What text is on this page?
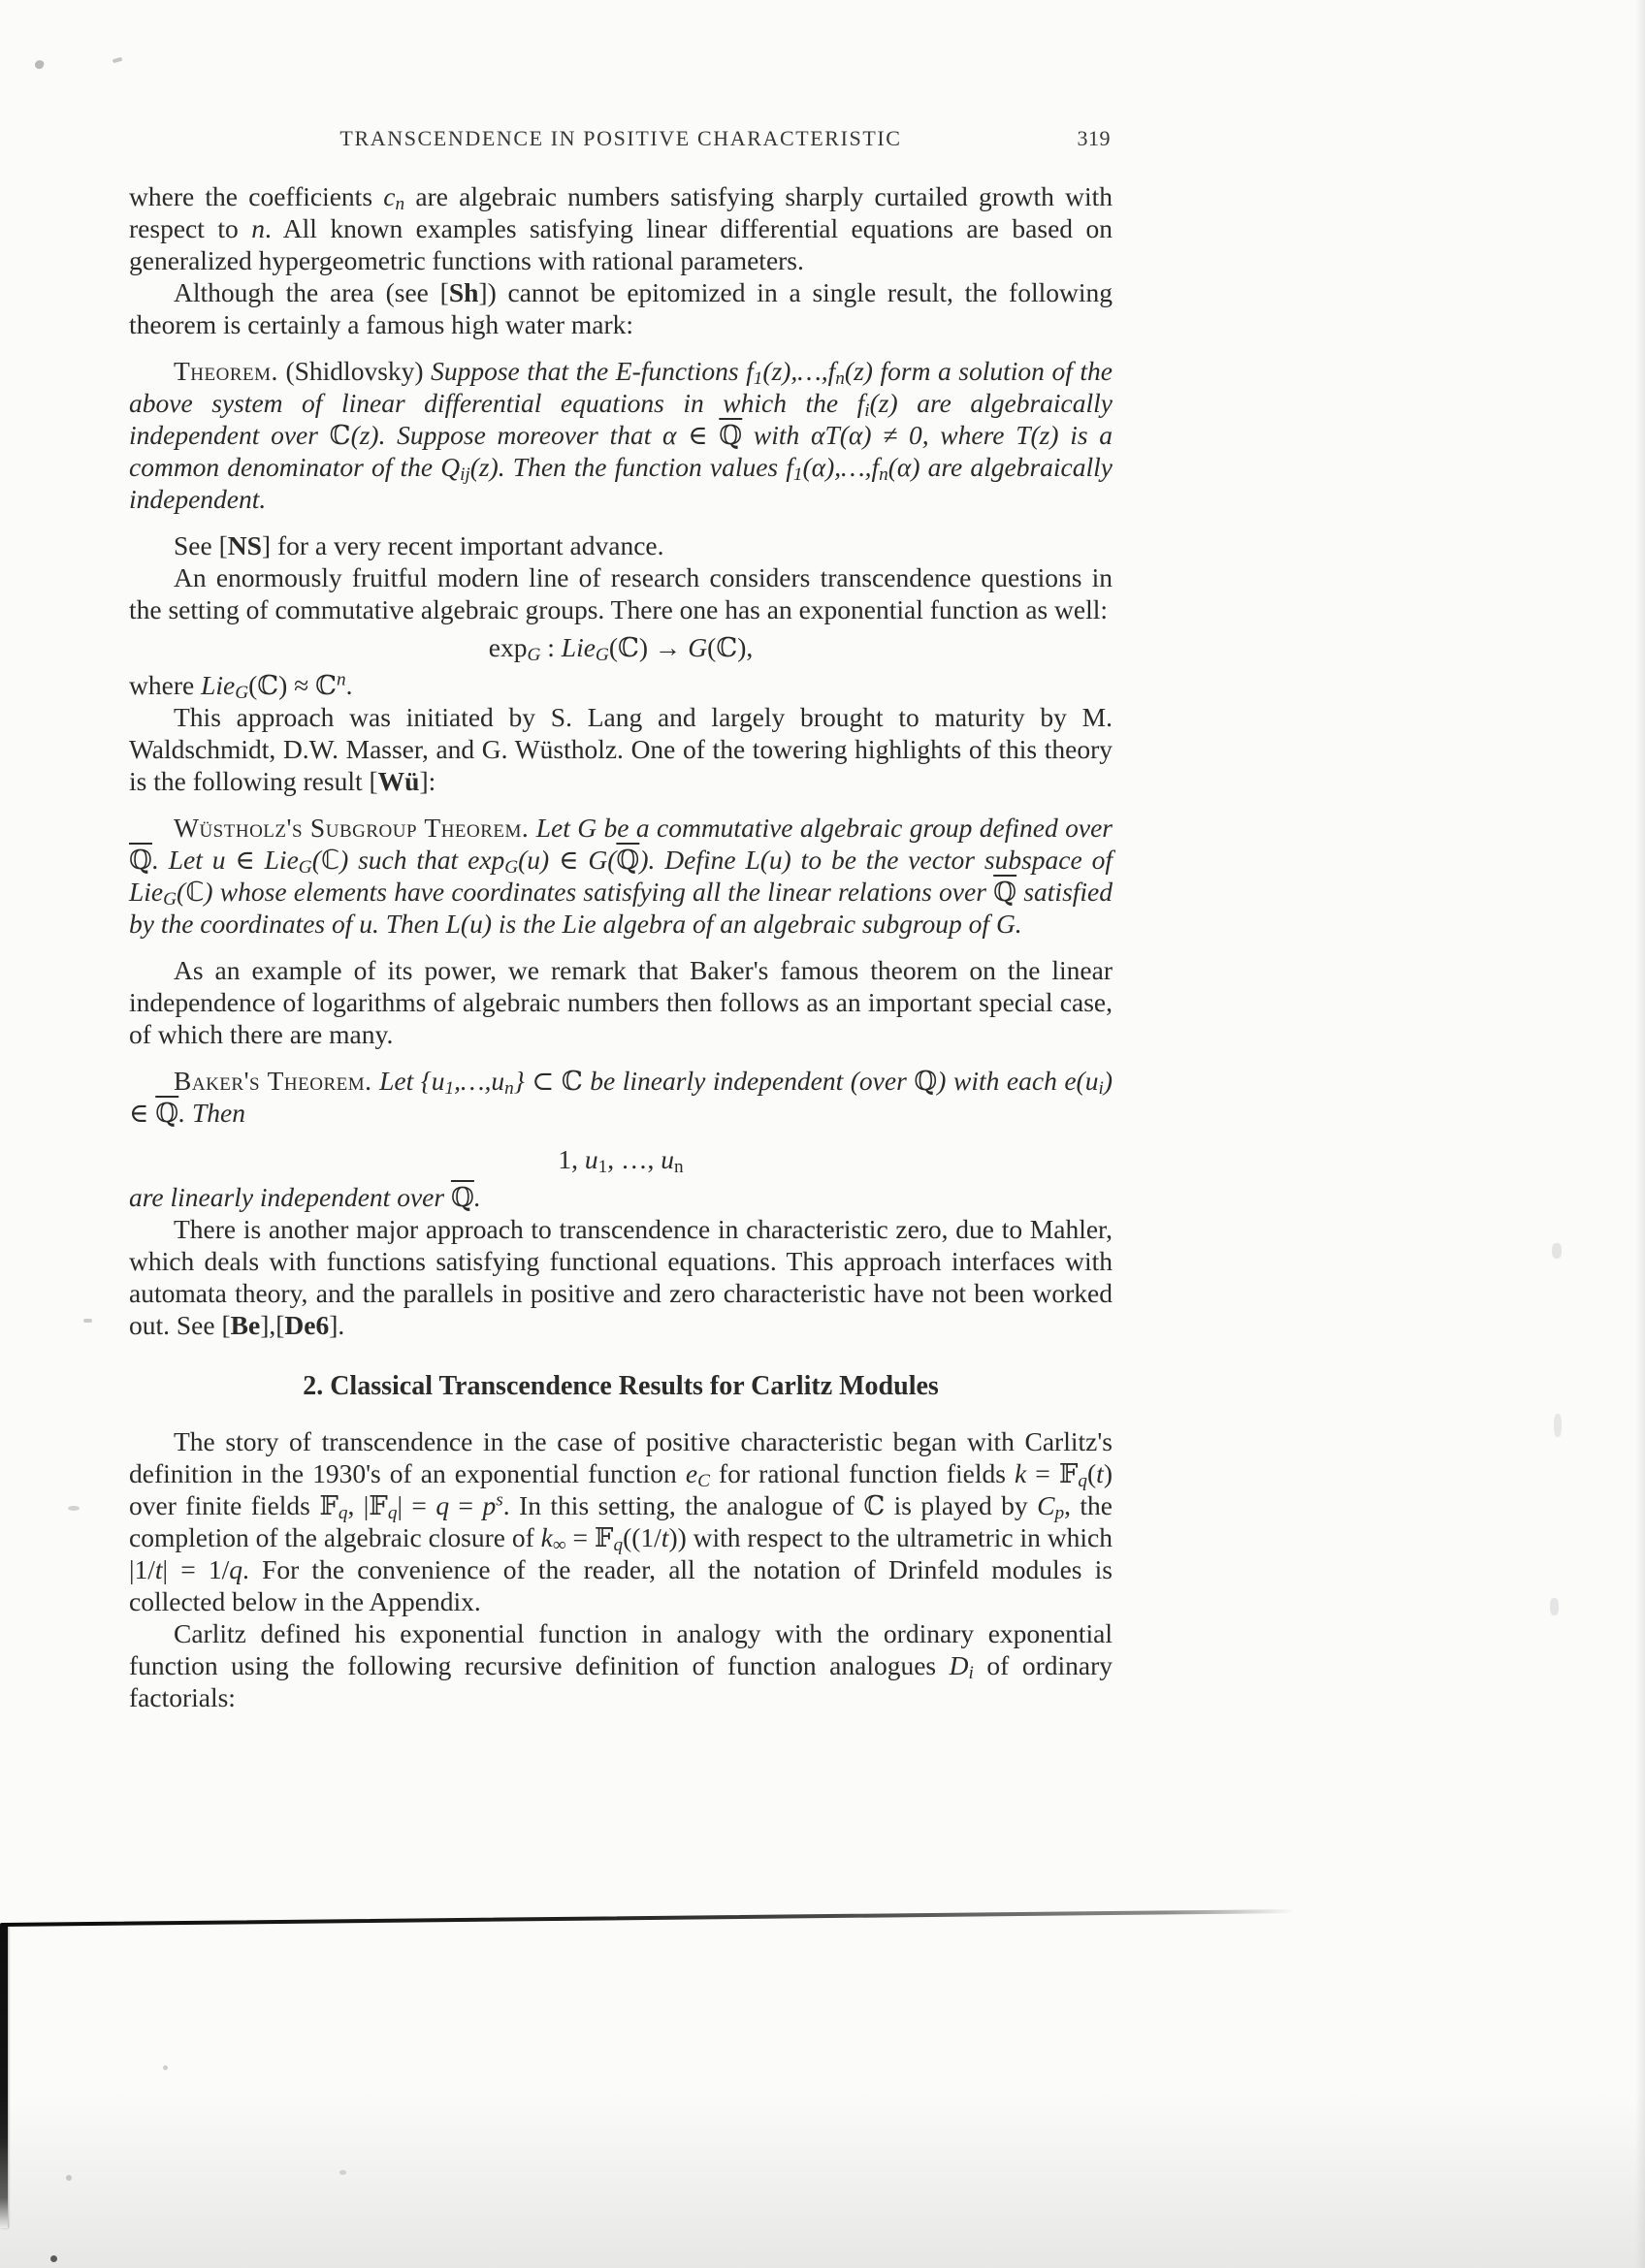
TRANSCENDENCE IN POSITIVE CHARACTERISTIC	319
where the coefficients $c_n$ are algebraic numbers satisfying sharply curtailed growth with respect to n. All known examples satisfying linear differential equations are based on generalized hypergeometric functions with rational parameters.
Although the area (see [Sh]) cannot be epitomized in a single result, the following theorem is certainly a famous high water mark:
Theorem. (Shidlovsky) Suppose that the E-functions $f_1(z),\dots,f_n(z)$ form a solution of the above system of linear differential equations in which the $f_i(z)$ are algebraically independent over ℂ(z). Suppose moreover that α ∈ ℚ with αT(α) ≠ 0, where T(z) is a common denominator of the $Q_{ij}(z)$. Then the function values $f_1(\alpha),\dots,f_n(\alpha)$ are algebraically independent.
See [NS] for a very recent important advance.
An enormously fruitful modern line of research considers transcendence questions in the setting of commutative algebraic groups. There one has an exponential function as well:
$\exp_G$ : Lie$_G$(ℂ) → G(ℂ),
where Lie$_G$(ℂ) ≈ ℂ$^n$.
This approach was initiated by S. Lang and largely brought to maturity by M. Waldschmidt, D.W. Masser, and G. Wüstholz. One of the towering highlights of this theory is the following result [Wü]:
Wüstholz's Subgroup Theorem. Let G be a commutative algebraic group defined over ℚ. Let u ∈ Lie$_G$(ℂ) such that $\exp_G(u)$ ∈ G(ℚ). Define L(u) to be the vector subspace of Lie$_G$(ℂ) whose elements have coordinates satisfying all the linear relations over ℚ satisfied by the coordinates of u. Then L(u) is the Lie algebra of an algebraic subgroup of G.
As an example of its power, we remark that Baker's famous theorem on the linear independence of logarithms of algebraic numbers then follows as an important special case, of which there are many.
Baker's Theorem. Let $\{u_1,\dots,u_n\}$ ⊂ ℂ be linearly independent (over ℚ) with each $e(u_i)$ ∈ ℚ. Then
1, $u_1$, …, $u_n$
are linearly independent over ℚ.
There is another major approach to transcendence in characteristic zero, due to Mahler, which deals with functions satisfying functional equations. This approach interfaces with automata theory, and the parallels in positive and zero characteristic have not been worked out. See [Be],[De6].
2. Classical Transcendence Results for Carlitz Modules
The story of transcendence in the case of positive characteristic began with Carlitz's definition in the 1930's of an exponential function $e_C$ for rational function fields k = 𝔽$_q$(t) over finite fields 𝔽$_q$, |𝔽$_q$| = $q = p^s$. In this setting, the analogue of ℂ is played by $C_p$, the completion of the algebraic closure of $k_\infty$ = 𝔽$_q$((1/t)) with respect to the ultrametric in which |1/t| = 1/q. For the convenience of the reader, all the notation of Drinfeld modules is collected below in the Appendix.
Carlitz defined his exponential function in analogy with the ordinary exponential function using the following recursive definition of function analogues $D_i$ of ordinary factorials:
